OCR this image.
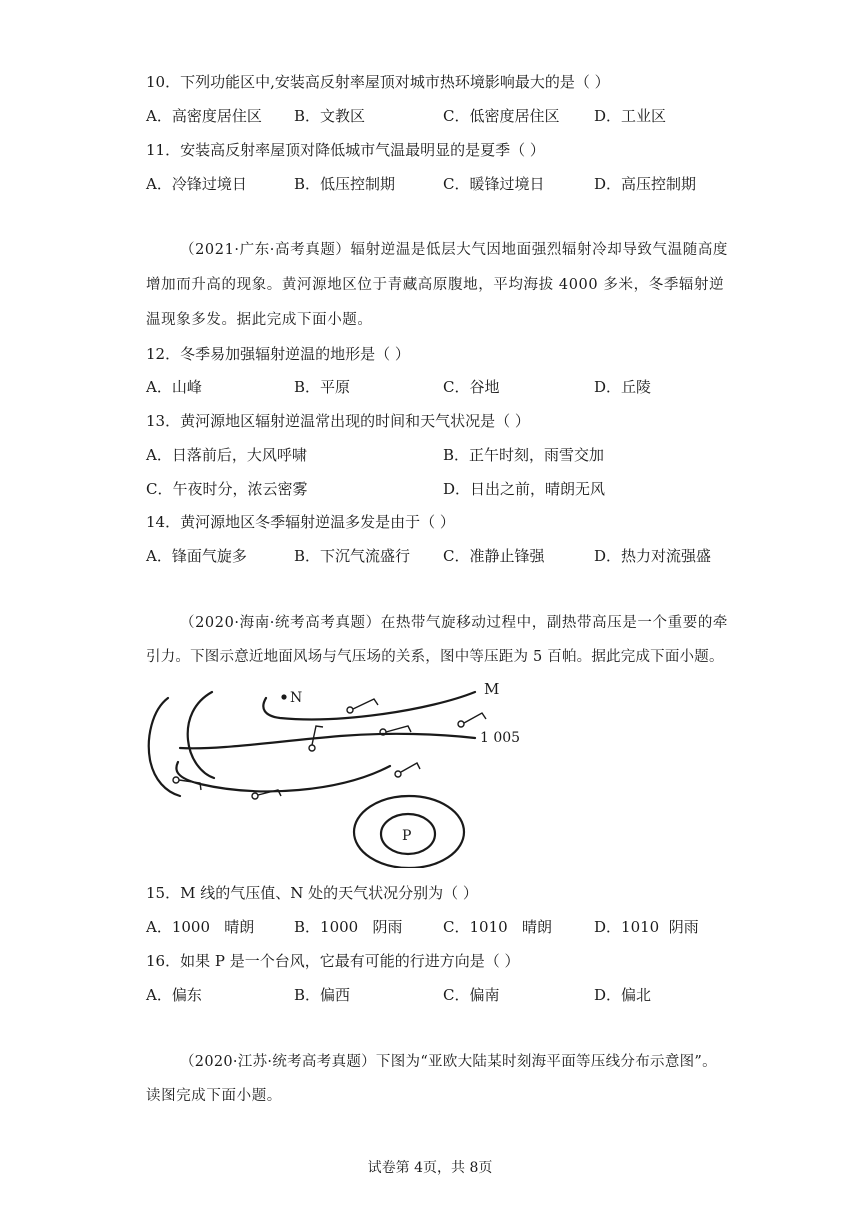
10．下列功能区中,安装高反射率屋顶对城市热环境影响最大的是（ ）
A．高密度居住区 B．文教区	C．低密度居住区 D．工业区
11．安装高反射率屋顶对降低城市气温最明显的是夏季（ ）
A．冷锋过境日	B．低压控制期	C．暖锋过境日	D．高压控制期
（2021·广东·高考真题）辐射逆温是低层大气因地面强烈辐射冷却导致气温随高度
增加而升高的现象。黄河源地区位于青藏高原腹地，平均海拔 4000 多米，冬季辐射逆
温现象多发。据此完成下面小题。
12．冬季易加强辐射逆温的地形是（ ）
A．山峰	B．平原	C．谷地	D．丘陵
13．黄河源地区辐射逆温常出现的时间和天气状况是（ ）
A．日落前后，大风呼啸	B．正午时刻，雨雪交加
C．午夜时分，浓云密雾	D．日出之前，晴朗无风
14．黄河源地区冬季辐射逆温多发是由于（ ）
A．锋面气旋多	B．下沉气流盛行 C．准静止锋强	D．热力对流强盛
（2020·海南·统考高考真题）在热带气旋移动过程中，副热带高压是一个重要的牵
引力。下图示意近地面风场与气压场的关系，图中等压距为 5 百帕。据此完成下面小题。
N	M
1 005
P
15．M 线的气压值、N 处的天气状况分别为（ ）
A．1000   晴朗	B．1000   阴雨	C．1010   晴朗	D．1010  阴雨
16．如果 P 是一个台风，它最有可能的行进方向是（ ）
A．偏东	B．偏西	C．偏南	D．偏北
（2020·江苏·统考高考真题）下图为“亚欧大陆某时刻海平面等压线分布示意图”。
读图完成下面小题。
试卷第 4页，共 8页
